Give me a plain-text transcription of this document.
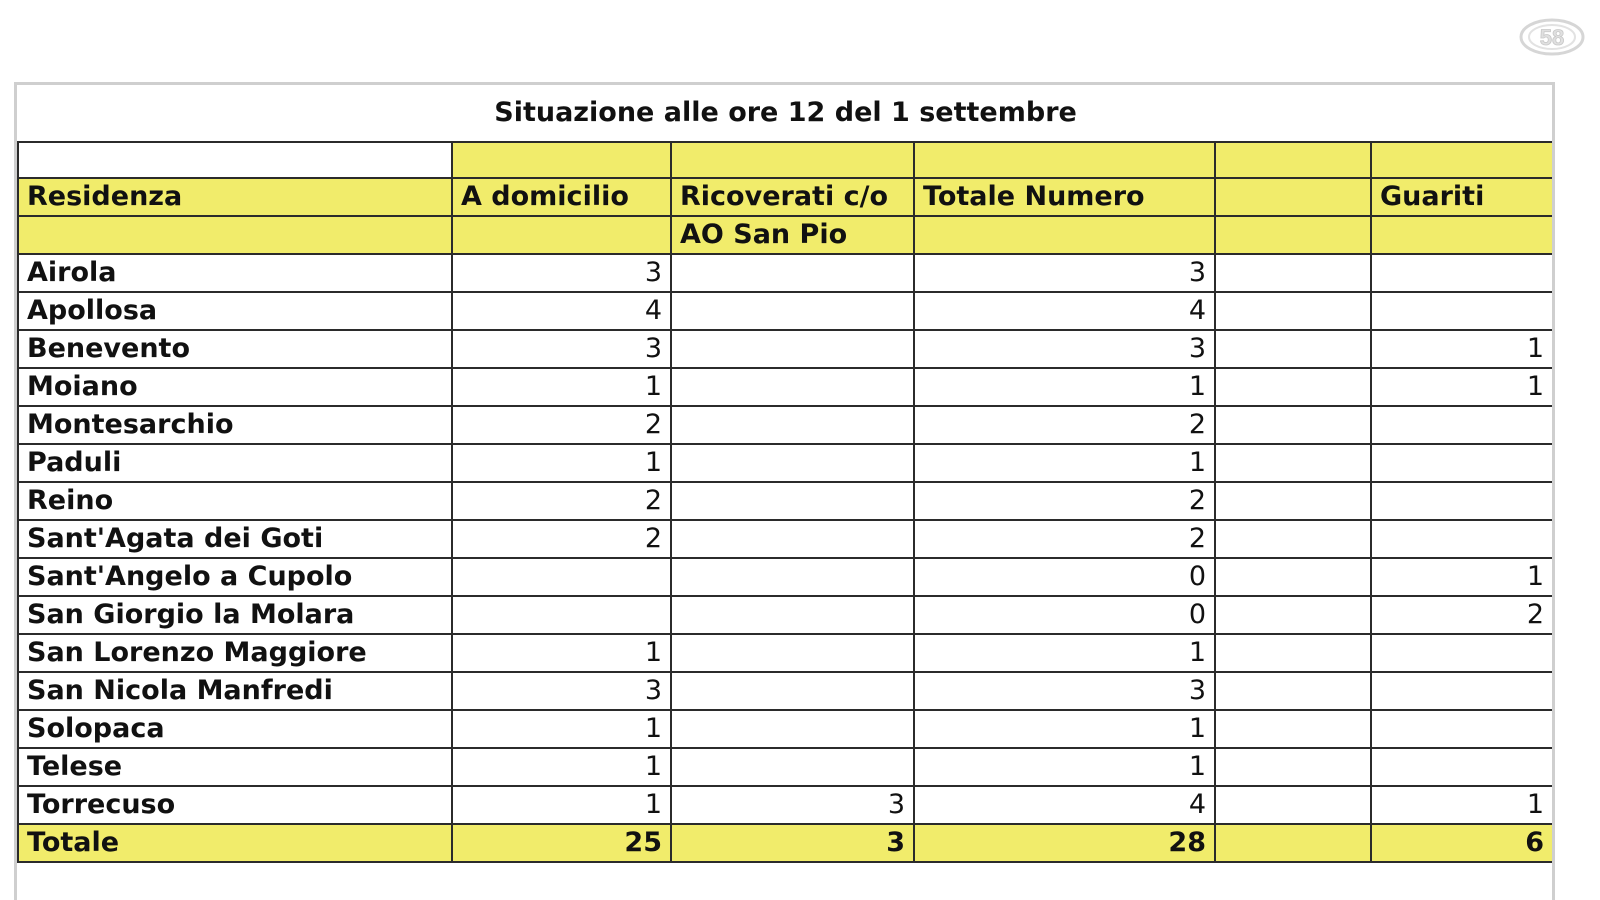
58
Situazione alle ore 12 del 1 settembre					

Residenza	A domicilio	Ricoverati c/o	Totale Numero		Guariti
		AO San Pio			
Airola	3		3		
Apollosa	4		4		
Benevento	3		3		1
Moiano	1		1		1
Montesarchio	2		2		
Paduli	1		1		
Reino	2		2		
Sant'Agata dei Goti	2		2		
Sant'Angelo a Cupolo			0		1
San Giorgio la Molara			0		2
San Lorenzo Maggiore	1		1		
San Nicola Manfredi	3		3		
Solopaca	1		1		
Telese	1		1		
Torrecuso	1	3	4		1
Totale	25	3	28		6
